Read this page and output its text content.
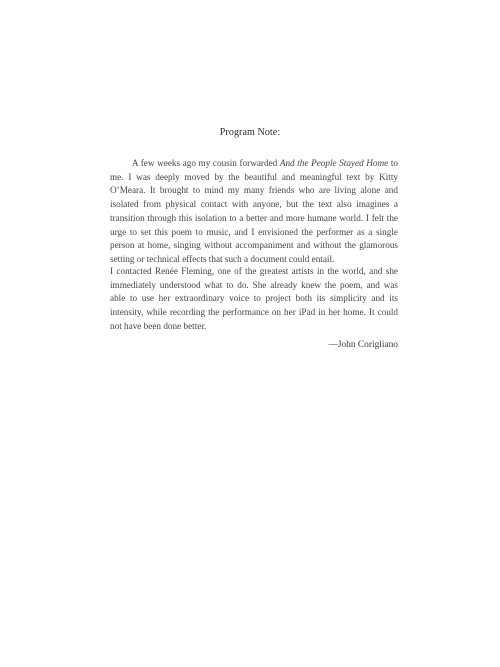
Program Note:

A few weeks ago my cousin forwarded And the People Stayed Home to me. I was deeply moved by the beautiful and meaningful text by Kitty O’Meara. It brought to mind my many friends who are living alone and isolated from physical contact with anyone, but the text also imagines a transition through this isolation to a better and more humane world. I felt the urge to set this poem to music, and I envisioned the performer as a single person at home, singing without accompaniment and without the glamorous setting or technical effects that such a document could entail.

I contacted Renée Fleming, one of the greatest artists in the world, and she immediately understood what to do. She already knew the poem, and was able to use her extraordinary voice to project both its simplicity and its intensity, while recording the performance on her iPad in her home. It could not have been done better.

—John Corigliano
